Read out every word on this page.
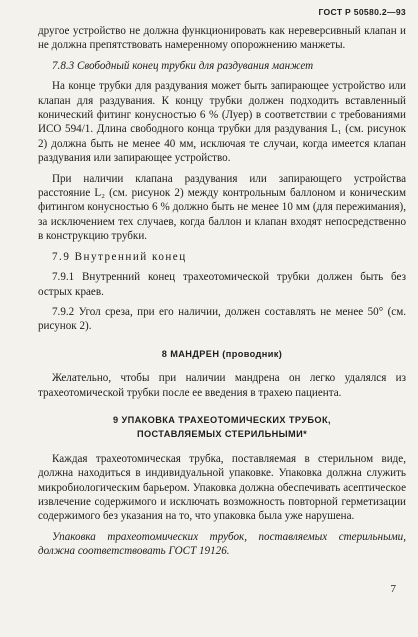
ГОСТ Р 50580.2—93

другое устройство не должна функционировать как нереверсивный клапан и не должна препятствовать намеренному опорожнению манжеты.

7.8.3 Свободный конец трубки для раздувания манжет

На конце трубки для раздувания может быть запирающее устройство или клапан для раздувания. К концу трубки должен подходить вставленный конический фитинг конусностью 6 % (Луер) в соответствии с требованиями ИСО 594/1. Длина свободного конца трубки для раздувания L₁ (см. рисунок 2) должна быть не менее 40 мм, исключая те случаи, когда имеется клапан раздувания или запирающее устройство.

При наличии клапана раздувания или запирающего устройства расстояние L₂ (см. рисунок 2) между контрольным баллоном и коническим фитингом конусностью 6 % должно быть не менее 10 мм (для пережимания), за исключением тех случаев, когда баллон и клапан входят непосредственно в конструкцию трубки.

7.9 Внутренний конец

7.9.1 Внутренний конец трахеотомической трубки должен быть без острых краев.

7.9.2 Угол среза, при его наличии, должен составлять не менее 50° (см. рисунок 2).

8 МАНДРЕН (проводник)

Желательно, чтобы при наличии мандрена он легко удалялся из трахеотомической трубки после ее введения в трахею пациента.

9 УПАКОВКА ТРАХЕОТОМИЧЕСКИХ ТРУБОК,

ПОСТАВЛЯЕМЫХ СТЕРИЛЬНЫМИ*

Каждая трахеотомическая трубка, поставляемая в стерильном виде, должна находиться в индивидуальной упаковке. Упаковка должна служить микробиологическим барьером. Упаковка должна обеспечивать асептическое извлечение содержимого и исключать возможность повторной герметизации содержимого без указания на то, что упаковка была уже нарушена.

Упаковка трахеотомических трубок, поставляемых стерильными, должна соответствовать ГОСТ 19126.

7
